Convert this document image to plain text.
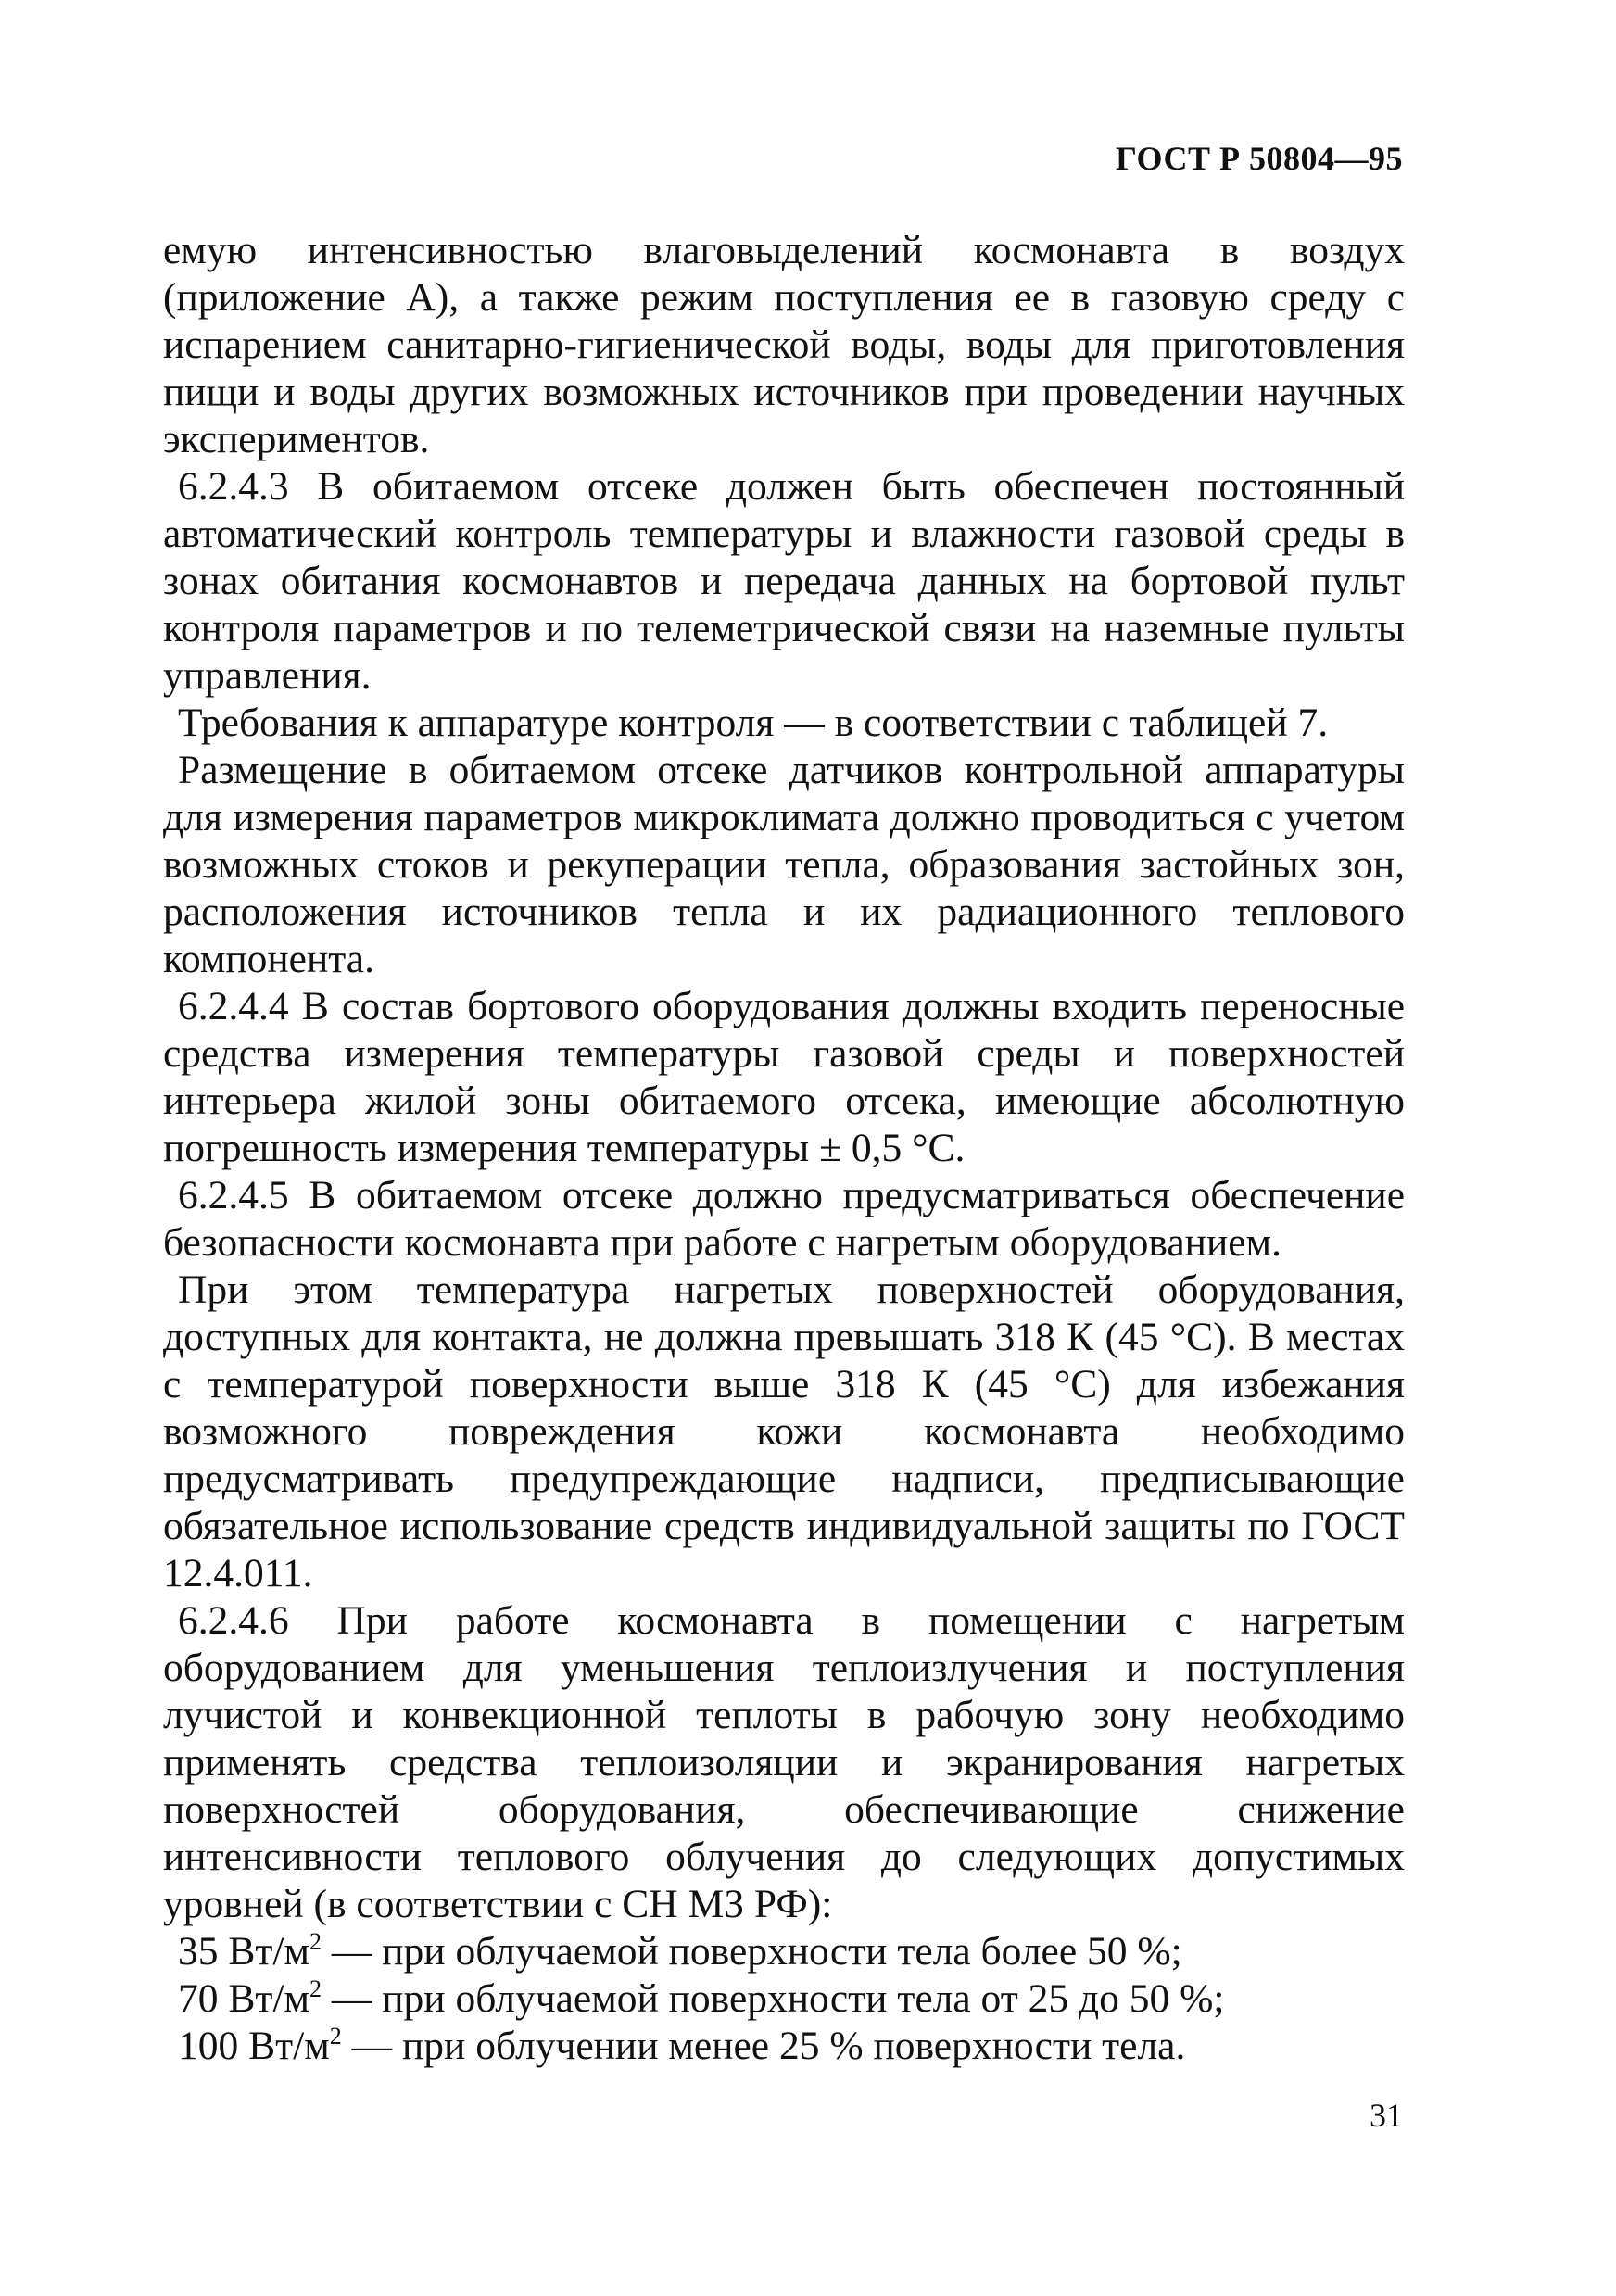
ГОСТ Р 50804—95

емую интенсивностью влаговыделений космонавта в воздух (приложение А), а также режим поступления ее в газовую среду с испарением санитарно-гигиенической воды, воды для приготовления пищи и воды других возможных источников при проведении научных экспериментов.

6.2.4.3 В обитаемом отсеке должен быть обеспечен постоянный автоматический контроль температуры и влажности газовой среды в зонах обитания космонавтов и передача данных на бортовой пульт контроля параметров и по телеметрической связи на наземные пульты управления.

Требования к аппаратуре контроля — в соответствии с таблицей 7.

Размещение в обитаемом отсеке датчиков контрольной аппаратуры для измерения параметров микроклимата должно проводиться с учетом возможных стоков и рекуперации тепла, образования застойных зон, расположения источников тепла и их радиационного теплового компонента.

6.2.4.4 В состав бортового оборудования должны входить переносные средства измерения температуры газовой среды и поверхностей интерьера жилой зоны обитаемого отсека, имеющие абсолютную погрешность измерения температуры ± 0,5 °С.

6.2.4.5 В обитаемом отсеке должно предусматриваться обеспечение безопасности космонавта при работе с нагретым оборудованием.

При этом температура нагретых поверхностей оборудования, доступных для контакта, не должна превышать 318 К (45 °С). В местах с температурой поверхности выше 318 К (45 °С) для избежания возможного повреждения кожи космонавта необходимо предусматривать предупреждающие надписи, предписывающие обязательное использование средств индивидуальной защиты по ГОСТ 12.4.011.

6.2.4.6 При работе космонавта в помещении с нагретым оборудованием для уменьшения теплоизлучения и поступления лучистой и конвекционной теплоты в рабочую зону необходимо применять средства теплоизоляции и экранирования нагретых поверхностей оборудования, обеспечивающие снижение интенсивности теплового облучения до следующих допустимых уровней (в соответствии с СН МЗ РФ):

35 $Вт/м^2$ — при облучаемой поверхности тела более 50 %;
70 $Вт/м^2$ — при облучаемой поверхности тела от 25 до 50 %;
100 $Вт/м^2$ — при облучении менее 25 % поверхности тела.
31
